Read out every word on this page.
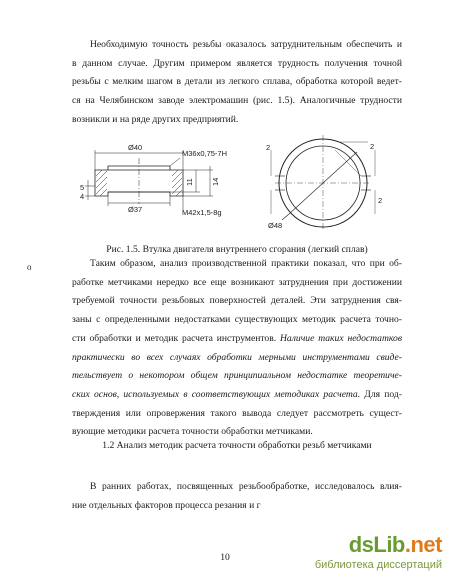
Необходимую точность резьбы оказалось затруднительным обеспечить и
в данном случае. Другим примером является трудность получения точной
резьбы с мелким шагом в детали из легкого сплава, обработка которой ведет-
ся на Челябинском заводе электромашин (рис. 1.5). Аналогичные трудности
возникли и на ряде других предприятий.
Ø40
M36x0,75-7H
Ø37	M42x1,5-8g
5
4
11 14
2	2
2
Ø48
Рис. 1.5. Втулка двигателя внутреннего сгорания (легкий сплав)
o	Таким образом, анализ производственной практики показал, что при об-
работке метчиками нередко все еще возникают затруднения при достижении
требуемой точности резьбовых поверхностей деталей. Эти затруднения свя-
заны с определенными недостатками существующих методик расчета точно-
сти обработки и методик расчета инструментов. Наличие таких недостатков
практически во всех случаях обработки мерными инструментами свиде-
тельствует о некотором общем принципиальном недостатке теоретиче-
ских основ, используемых в соответствующих методиках расчета. Для под-
тверждения или опровержения такого вывода следует рассмотреть сущест-
вующие методики расчета точности обработки метчиками.
1.2 Анализ методик расчета точности обработки резьб метчиками
В ранних работах, посвященных резьбообработке, исследовалось влия-
ние отдельных факторов процесса резания и г
10
dsLib.net
библиотека диссертаций
